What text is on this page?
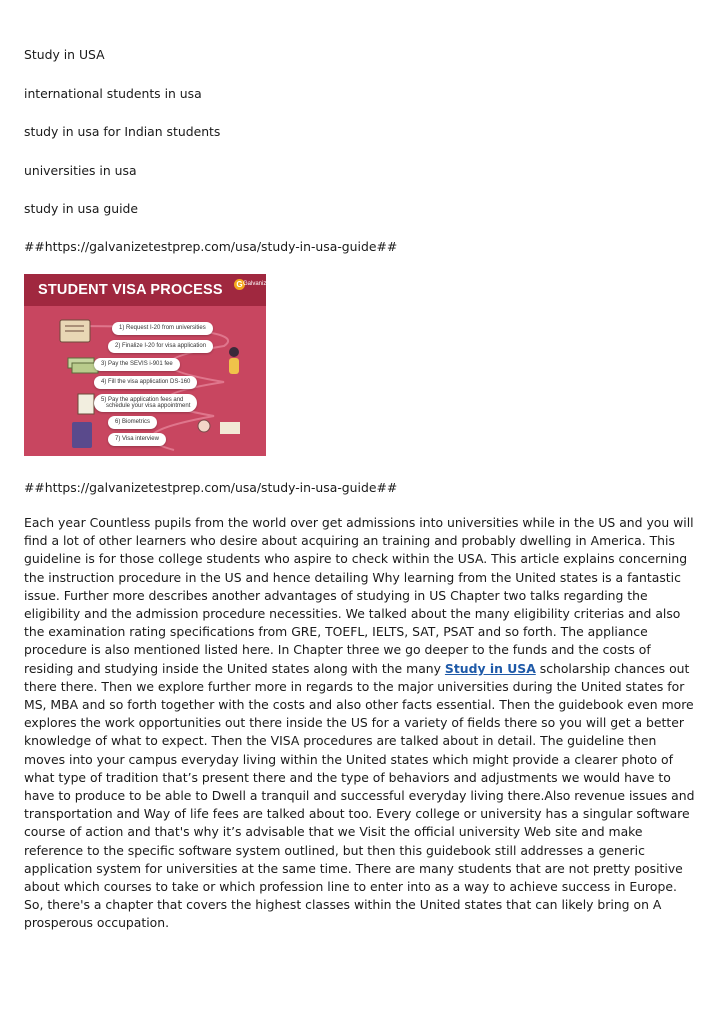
Study in USA
international students in usa
study in usa for Indian students
universities in usa
study in usa guide
##https://galvanizetestprep.com/usa/study-in-usa-guide##
STUDENT VISA PROCESS G Galvanize
1) Request I-20 from universities
2) Finalize I-20 for visa application
3) Pay the SEVIS i-901 fee
4) Fill the visa application DS-160
5) Pay the application fees and
schedule your visa appointment
6) Biometrics
7) Visa interview
##https://galvanizetestprep.com/usa/study-in-usa-guide##
Each year Countless pupils from the world over get admissions into universities while in the US and you will find a lot of other learners who desire about acquiring an training and probably dwelling in America. This guideline is for those college students who aspire to check within the USA. This article explains concerning the instruction procedure in the US and hence detailing Why learning from the United states is a fantastic issue. Further more describes another advantages of studying in US Chapter two talks regarding the eligibility and the admission procedure necessities. We talked about the many eligibility criterias and also the examination rating specifications from GRE, TOEFL, IELTS, SAT, PSAT and so forth. The appliance procedure is also mentioned listed here. In Chapter three we go deeper to the funds and the costs of residing and studying inside the United states along with the many Study in USA scholarship chances out there there. Then we explore further more in regards to the major universities during the United states for MS, MBA and so forth together with the costs and also other facts essential. Then the guidebook even more explores the work opportunities out there inside the US for a variety of fields there so you will get a better knowledge of what to expect. Then the VISA procedures are talked about in detail. The guideline then moves into your campus everyday living within the United states which might provide a clearer photo of what type of tradition that’s present there and the type of behaviors and adjustments we would have to have to produce to be able to Dwell a tranquil and successful everyday living there.Also revenue issues and transportation and Way of life fees are talked about too. Every college or university has a singular software course of action and that's why it’s advisable that we Visit the official university Web site and make reference to the specific software system outlined, but then this guidebook still addresses a generic application system for universities at the same time. There are many students that are not pretty positive about which courses to take or which profession line to enter into as a way to achieve success in Europe. So, there's a chapter that covers the highest classes within the United states that can likely bring on A prosperous occupation.
